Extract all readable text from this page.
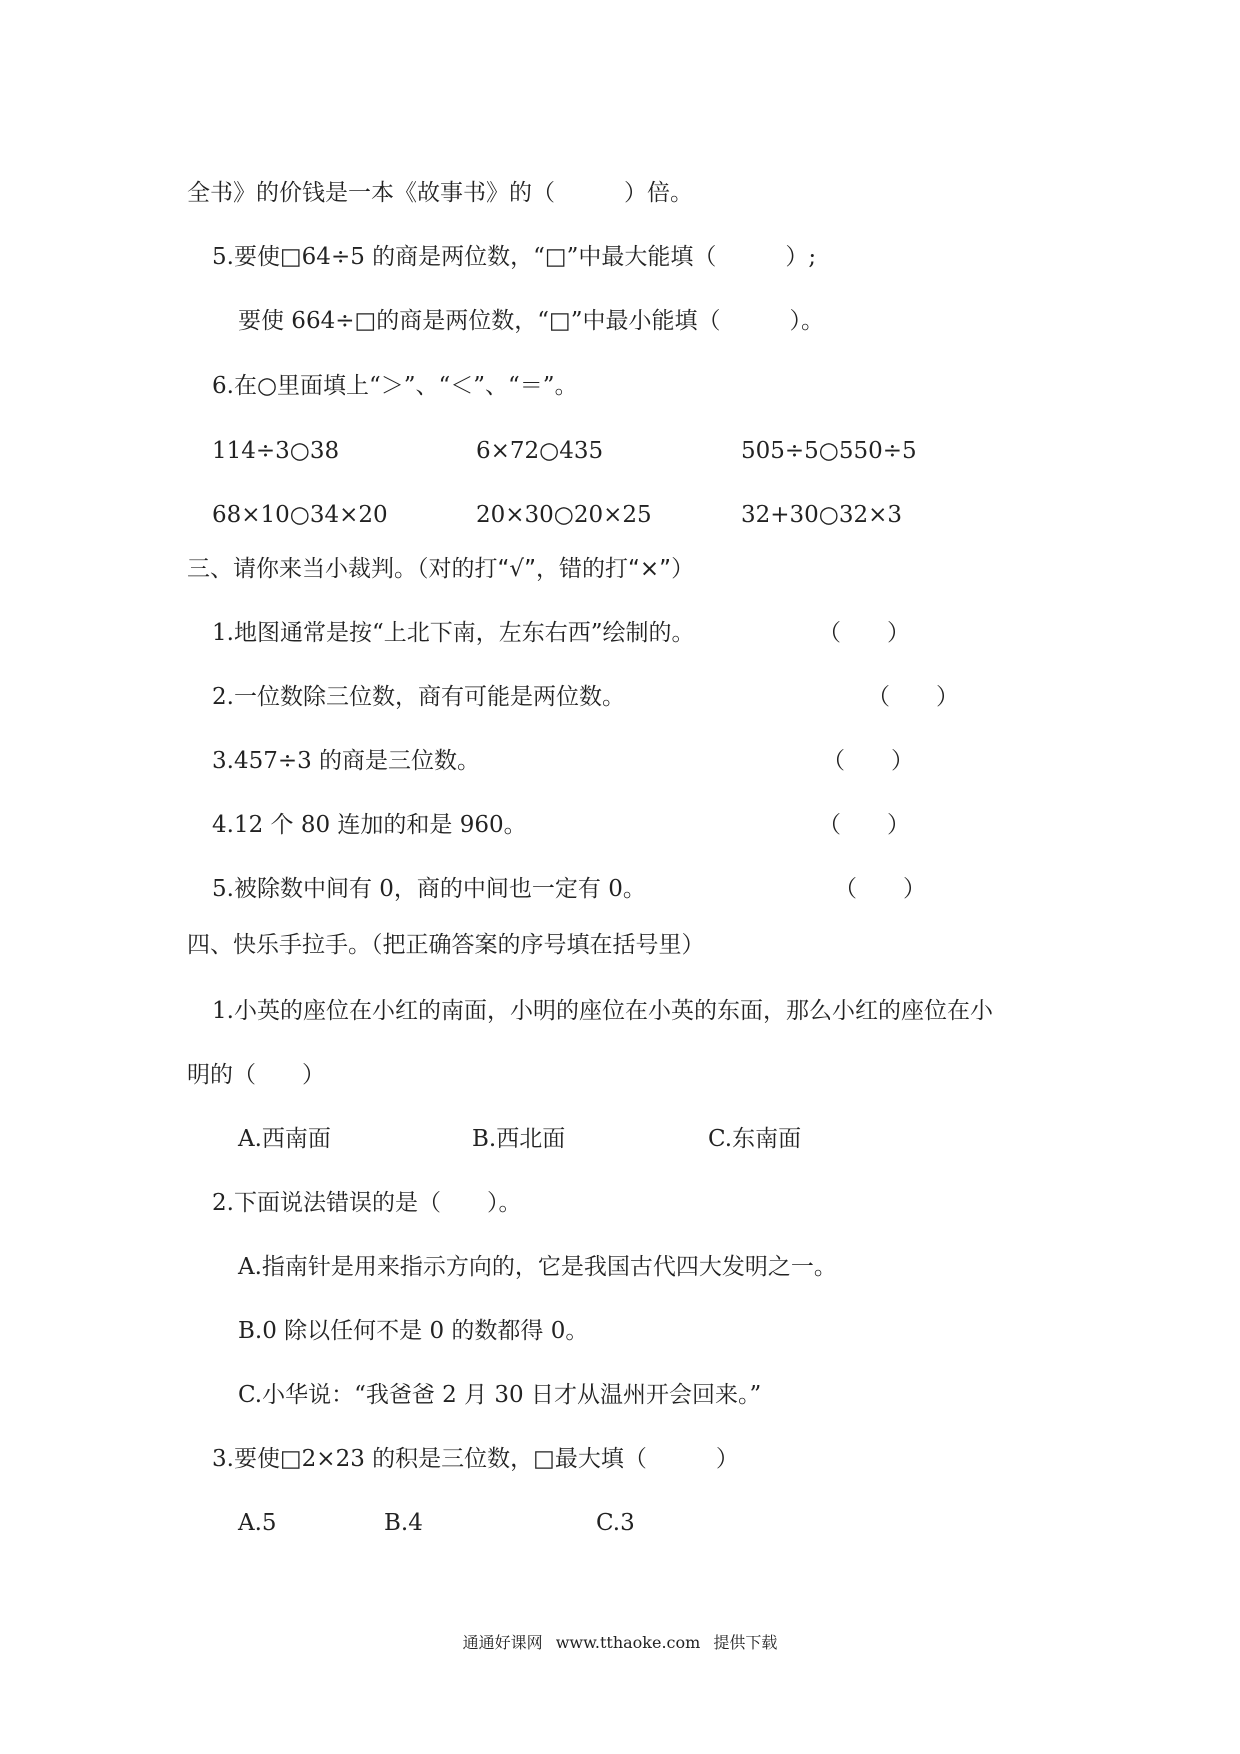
全书》的价钱是一本《故事书》的（　　　）倍。
5.要使□64÷5 的商是两位数，“□”中最大能填（　　　）;
要使 664÷□的商是两位数，“□”中最小能填（　　　）。
6.在○里面填上“＞”、“＜”、“＝”。
114÷3○38	6×72○435	505÷5○550÷5
68×10○34×20	20×30○20×25	32+30○32×3
三、请你来当小裁判。（对的打“√”，错的打“×”）
1.地图通常是按“上北下南，左东右西”绘制的。	（　　）
2.一位数除三位数，商有可能是两位数。	（　　）
3.457÷3 的商是三位数。	（　　）
4.12 个 80 连加的和是 960。	（　　）
5.被除数中间有 0，商的中间也一定有 0。	（　　）
四、快乐手拉手。（把正确答案的序号填在括号里）
1.小英的座位在小红的南面，小明的座位在小英的东面，那么小红的座位在小
明的（　　）
A.西南面	B.西北面	C.东南面
2.下面说法错误的是（　　）。
A.指南针是用来指示方向的，它是我国古代四大发明之一。
B.0 除以任何不是 0 的数都得 0。
C.小华说：“我爸爸 2 月 30 日才从温州开会回来。”
3.要使□2×23 的积是三位数，□最大填（　　　）
A.5	B.4	C.3
通通好课网 www.tthaoke.com 提供下载
